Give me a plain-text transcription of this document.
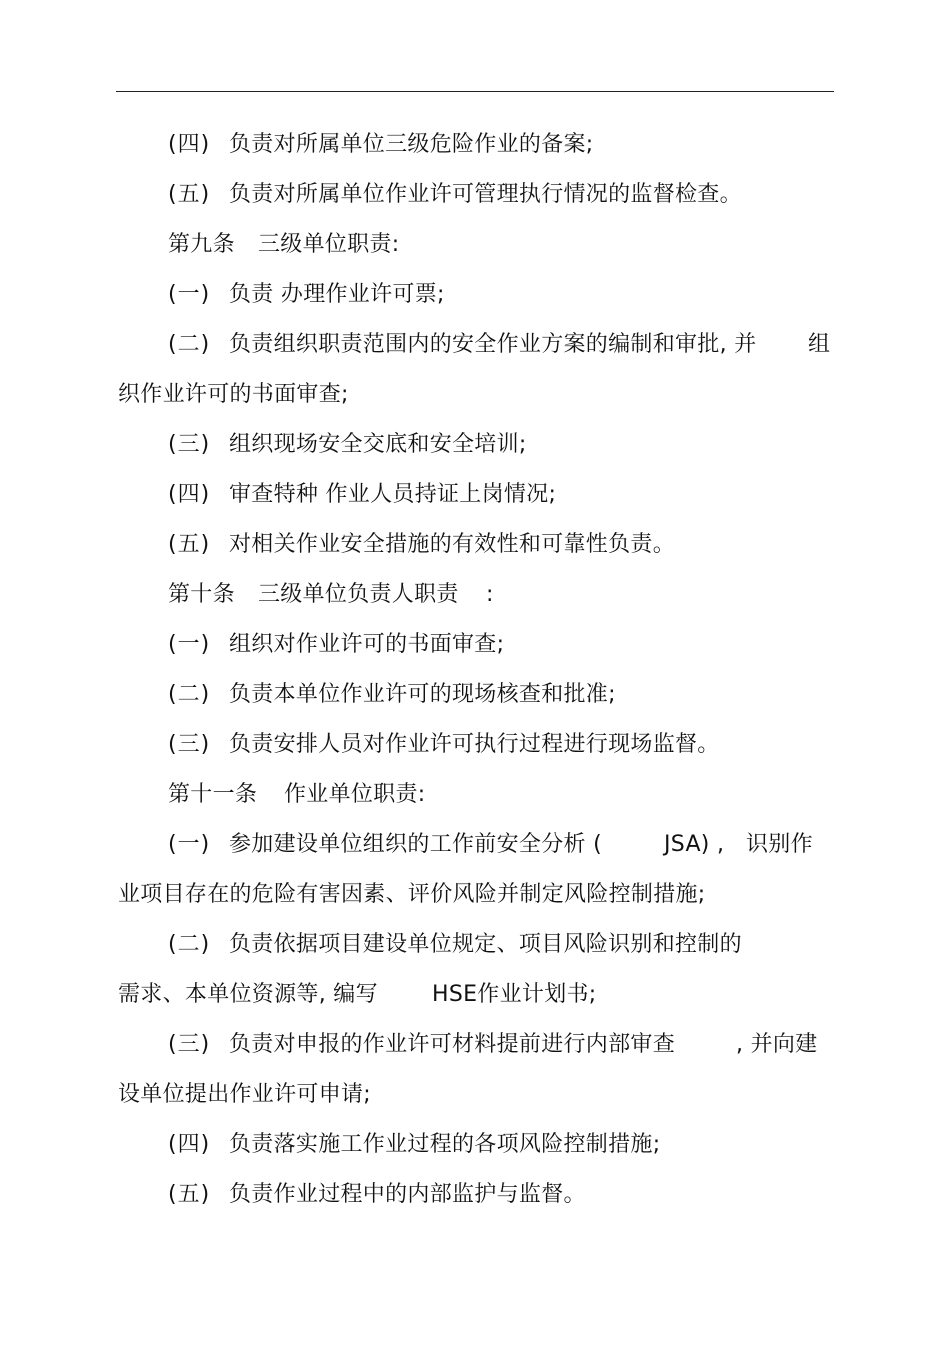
(四)

负责对所属单位三级危险作业的备案;

(五)

负责对所属单位作业许可管理执行情况的监督检查。

第九条

三级单位职责:

(一)

负责 办理作业许可票;

(二)

负责组织职责范围内的安全作业方案的编制和审批, 并

组

织作业许可的书面审查;

(三)

组织现场安全交底和安全培训;

(四)

审查特种 作业人员持证上岗情况;

(五)

对相关作业安全措施的有效性和可靠性负责。

第十条

三级单位负责人职责

:

(一)

组织对作业许可的书面审查;

(二)

负责本单位作业许可的现场核查和批准;

(三)

负责安排人员对作业许可执行过程进行现场监督。

第十一条

作业单位职责:

(一)

参加建设单位组织的工作前安全分析 (

	JSA) ,

识别作

业项目存在的危险有害因素、评价风险并制定风险控制措施;

(二)

负责依据项目建设单位规定、项目风险识别和控制的

需求、本单位资源等, 编写

HSE作业计划书;

(三)

负责对申报的作业许可材料提前进行内部审查

	, 并向建

设单位提出作业许可申请;

(四)

负责落实施工作业过程的各项风险控制措施;

(五)

负责作业过程中的内部监护与监督。
